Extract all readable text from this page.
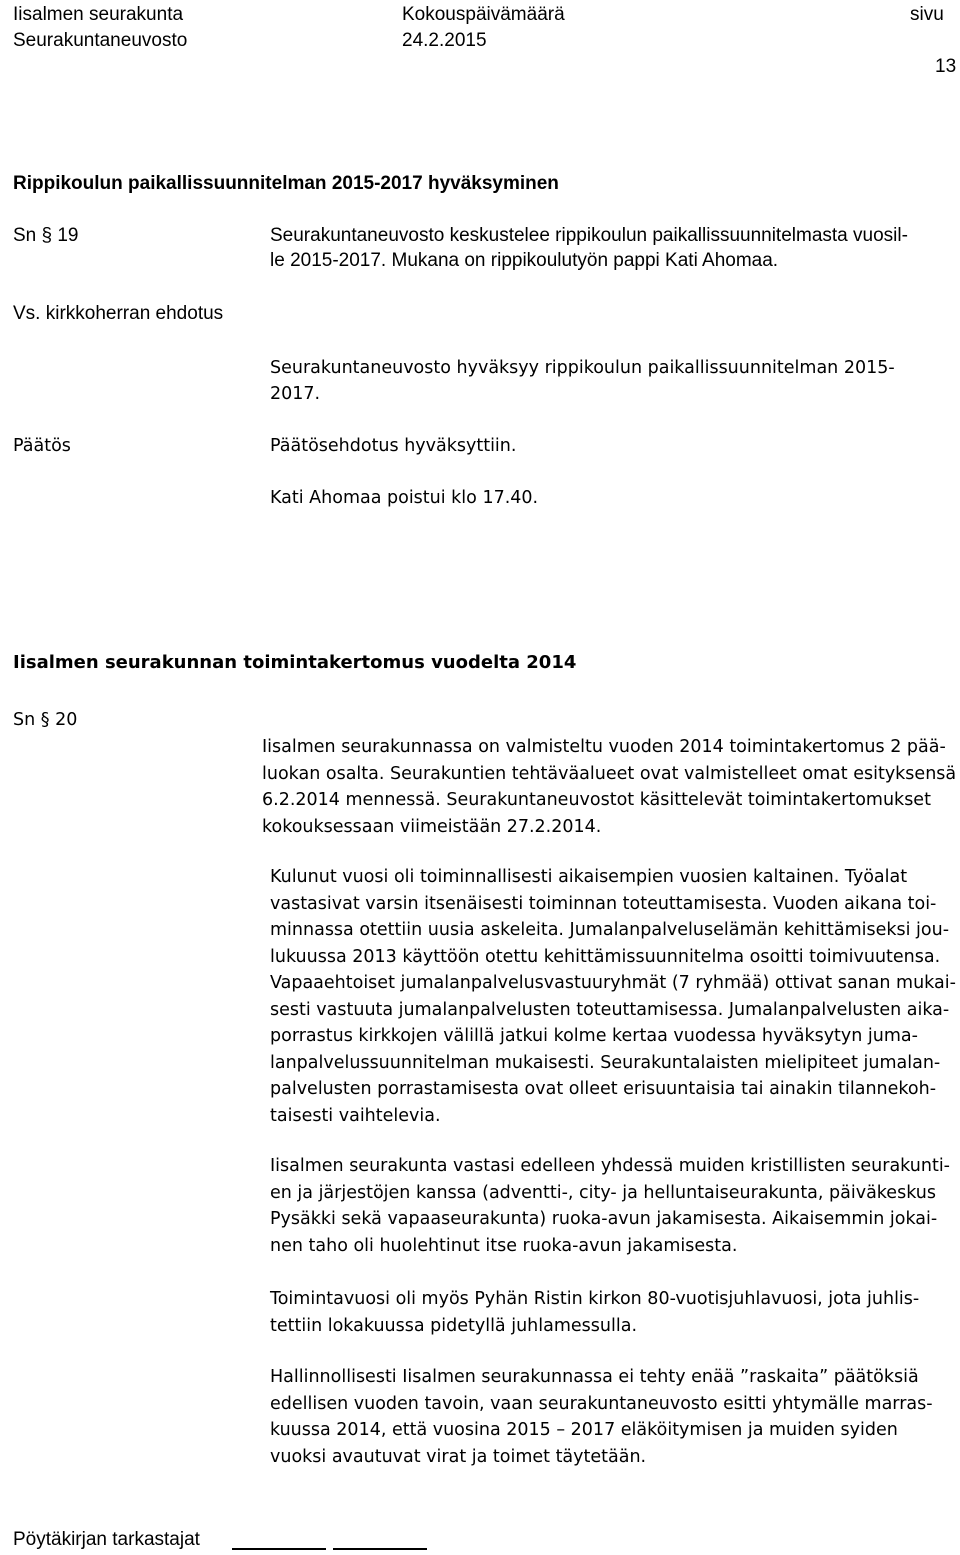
Iisalmen seurakunta
Seurakuntaneuvosto
Kokouspäivämäärä
24.2.2015
sivu
13
Rippikoulun paikallissuunnitelman 2015-2017 hyväksyminen
Sn § 19	Seurakuntaneuvosto keskustelee rippikoulun paikallissuunnitelmasta vuosil-
le 2015-2017. Mukana on rippikoulutyön pappi Kati Ahomaa.
Vs. kirkkoherran ehdotus
Seurakuntaneuvosto hyväksyy rippikoulun paikallissuunnitelman 2015-
2017.
Päätös	Päätösehdotus hyväksyttiin.
Kati Ahomaa poistui klo 17.40.
Iisalmen seurakunnan toimintakertomus vuodelta 2014
Sn § 20
Iisalmen seurakunnassa on valmisteltu vuoden 2014 toimintakertomus 2 pää-
luokan osalta. Seurakuntien tehtäväalueet ovat valmistelleet omat esityksensä
6.2.2014 mennessä. Seurakuntaneuvostot käsittelevät toimintakertomukset
kokouksessaan viimeistään 27.2.2014.
Kulunut vuosi oli toiminnallisesti aikaisempien vuosien kaltainen. Työalat
vastasivat varsin itsenäisesti toiminnan toteuttamisesta. Vuoden aikana toi-
minnassa otettiin uusia askeleita. Jumalanpalveluselämän kehittämiseksi jou-
lukuussa 2013 käyttöön otettu kehittämissuunnitelma osoitti toimivuutensa.
Vapaaehtoiset jumalanpalvelusvastuuryhmät (7 ryhmää) ottivat sanan mukai-
sesti vastuuta jumalanpalvelusten toteuttamisessa. Jumalanpalvelusten aika-
porrastus kirkkojen välillä jatkui kolme kertaa vuodessa hyväksytyn juma-
lanpalvelussuunnitelman mukaisesti. Seurakuntalaisten mielipiteet jumalan-
palvelusten porrastamisesta ovat olleet erisuuntaisia tai ainakin tilannekoh-
taisesti vaihtelevia.
Iisalmen seurakunta vastasi edelleen yhdessä muiden kristillisten seurakunti-
en ja järjestöjen kanssa (adventti-, city- ja helluntaiseurakunta, päiväkeskus
Pysäkki sekä vapaaseurakunta) ruoka-avun jakamisesta. Aikaisemmin jokai-
nen taho oli huolehtinut itse ruoka-avun jakamisesta.
Toimintavuosi oli myös Pyhän Ristin kirkon 80-vuotisjuhlavuosi, jota juhlis-
tettiin lokakuussa pidetyllä juhlamessulla.
Hallinnollisesti Iisalmen seurakunnassa ei tehty enää ”raskaita” päätöksiä
edellisen vuoden tavoin, vaan seurakuntaneuvosto esitti yhtymälle marras-
kuussa 2014, että vuosina 2015 – 2017 eläköitymisen ja muiden syiden
vuoksi avautuvat virat ja toimet täytetään.
Pöytäkirjan tarkastajat
